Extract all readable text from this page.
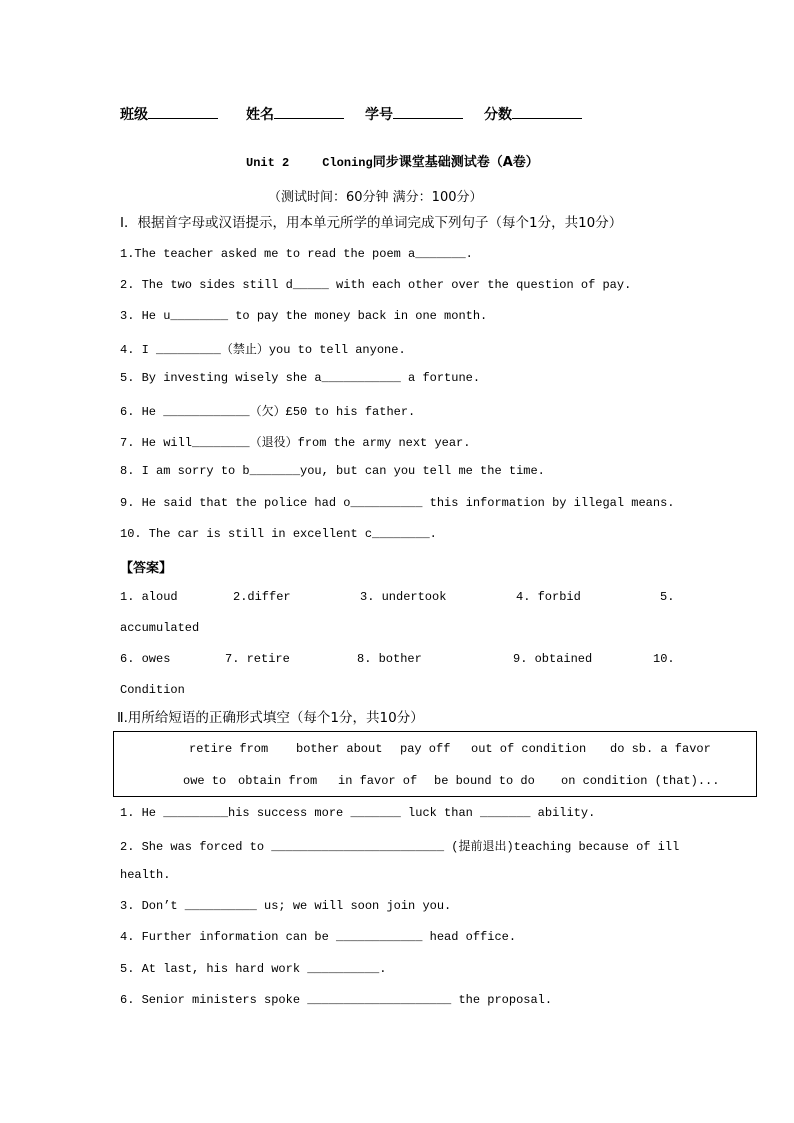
班级	姓名	学号	分数
Unit 2	Cloning同步课堂基础测试卷（A卷）
（测试时间：60分钟 满分：100分）
Ⅰ．根据首字母或汉语提示，用本单元所学的单词完成下列句子（每个1分，共10分）
1.The teacher asked me to read the poem a_______.
2. The two sides still d_____ with each other over the question of pay.
3. He u________ to pay the money back in one month.
4. I _________（禁止）you to tell anyone.
5. By investing wisely she a___________ a fortune.
6. He ____________（欠）£50 to his father.
7. He will________（退役）from the army next year.
8. I am sorry to b_______you, but can you tell me the time.
9. He said that the police had o__________ this information by illegal means.
10. The car is still in excellent c________.
【答案】
1. aloud	2.differ	3. undertook	4. forbid	5.
accumulated
6. owes	7. retire	8. bother	9. obtained	10.
Condition
Ⅱ.用所给短语的正确形式填空（每个1分，共10分）
retire from bother about pay off out of condition do sb. a favor
owe to obtain from in favor of be bound to do on condition (that)...
1. He _________his success more _______ luck than _______ ability.
2. She was forced to ________________________ (提前退出)teaching because of ill
health.
3. Don’t __________ us; we will soon join you.
4. Further information can be ____________ head office.
5. At last, his hard work __________.
6. Senior ministers spoke ____________________ the proposal.
